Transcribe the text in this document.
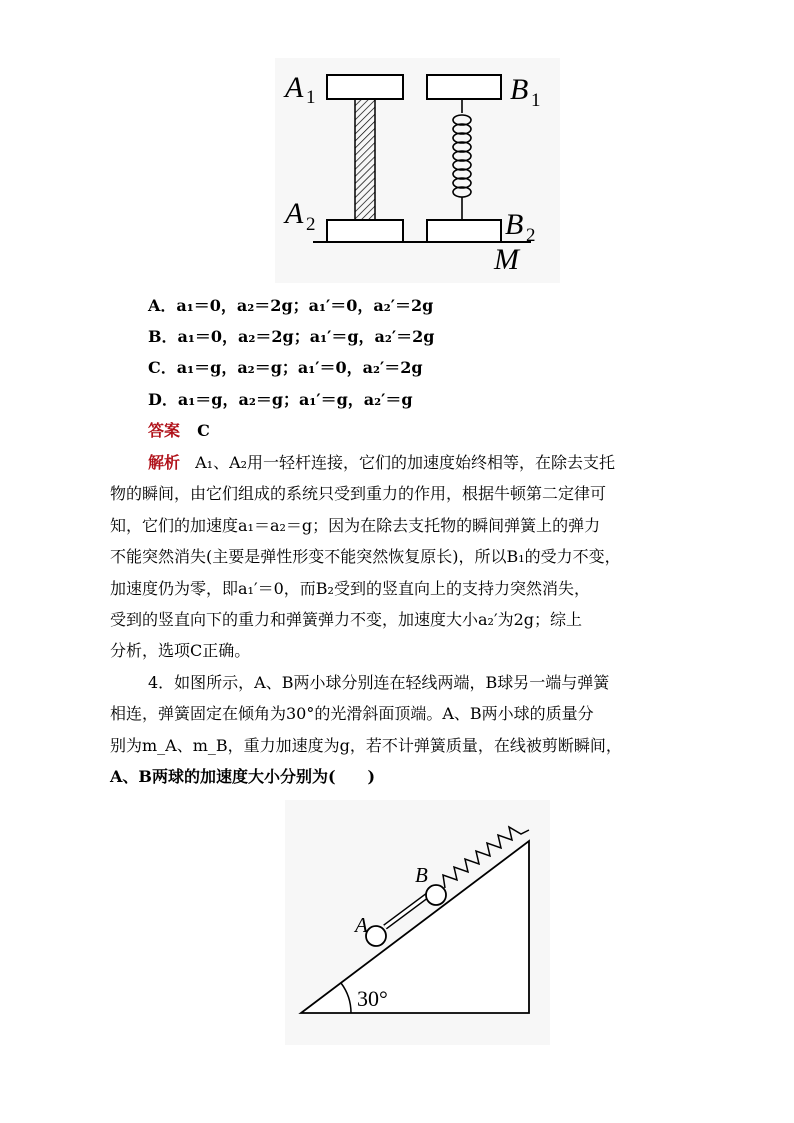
A 1
A 2
B 1
B 2
M
A．a₁＝0，a₂＝2g；a₁′＝0，a₂′＝2g
B．a₁＝0，a₂＝2g；a₁′＝g，a₂′＝2g
C．a₁＝g，a₂＝g；a₁′＝0，a₂′＝2g
D．a₁＝g，a₂＝g；a₁′＝g，a₂′＝g
答案 C
解析 A₁、A₂用一轻杆连接，它们的加速度始终相等，在除去支托
物的瞬间，由它们组成的系统只受到重力的作用，根据牛顿第二定律可
知，它们的加速度a₁＝a₂＝g；因为在除去支托物的瞬间弹簧上的弹力
不能突然消失(主要是弹性形变不能突然恢复原长)，所以B₁的受力不变，
加速度仍为零，即a₁′＝0，而B₂受到的竖直向上的支持力突然消失，
受到的竖直向下的重力和弹簧弹力不变，加速度大小a₂′为2g；综上
分析，选项C正确。
4．如图所示，A、B两小球分别连在轻线两端，B球另一端与弹簧
相连，弹簧固定在倾角为30°的光滑斜面顶端。A、B两小球的质量分
别为m_A、m_B，重力加速度为g，若不计弹簧质量，在线被剪断瞬间，
A、B两球的加速度大小分别为(　　)
30°
A
B
